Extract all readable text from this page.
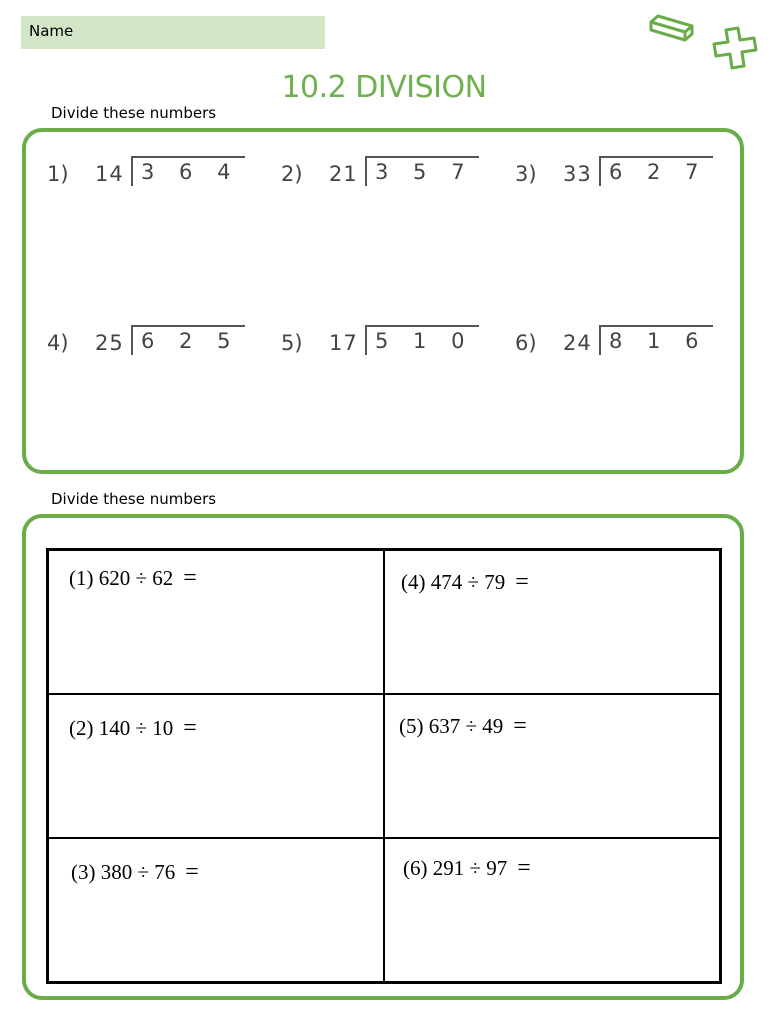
Name
10.2 DIVISION
Divide these numbers
1)	14 3 6 4 2)	21 3 5 7 3)	33 6 2 7
4)	25 6 2 5 5)	17 5 1 0 6)	24 8 1 6
Divide these numbers
(1) 620 ÷ 62 =	(4) 474 ÷ 79 =
(2) 140 ÷ 10 =	(5) 637 ÷ 49 =
(3) 380 ÷ 76 =	(6) 291 ÷ 97 =
